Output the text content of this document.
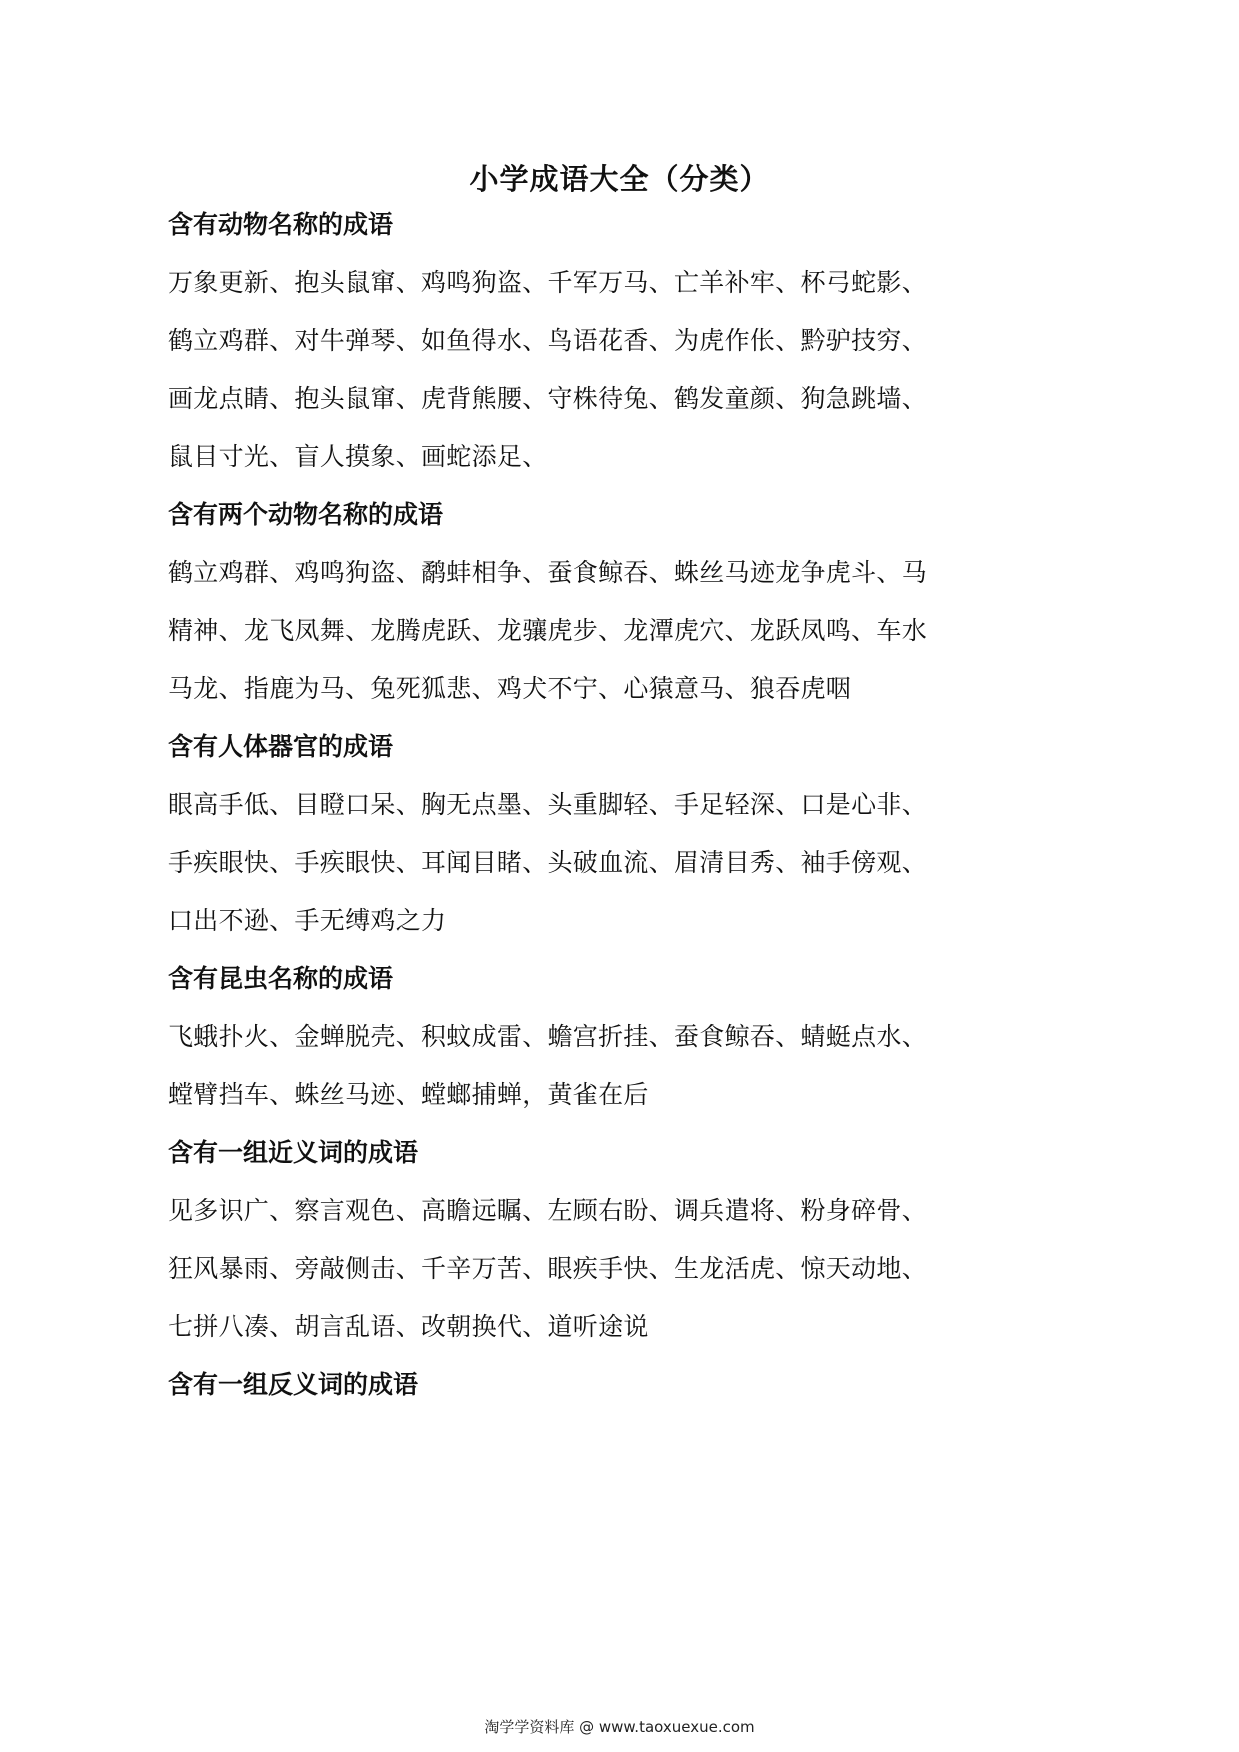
小学成语大全（分类）
含有动物名称的成语
万象更新、抱头鼠窜、鸡鸣狗盗、千军万马、亡羊补牢、杯弓蛇影、
鹤立鸡群、对牛弹琴、如鱼得水、鸟语花香、为虎作伥、黔驴技穷、
画龙点睛、抱头鼠窜、虎背熊腰、守株待兔、鹤发童颜、狗急跳墙、
鼠目寸光、盲人摸象、画蛇添足、
含有两个动物名称的成语
鹤立鸡群、鸡鸣狗盗、鹬蚌相争、蚕食鲸吞、蛛丝马迹龙争虎斗、马
精神、龙飞凤舞、龙腾虎跃、龙骧虎步、龙潭虎穴、龙跃凤鸣、车水
马龙、指鹿为马、兔死狐悲、鸡犬不宁、心猿意马、狼吞虎咽
含有人体器官的成语
眼高手低、目瞪口呆、胸无点墨、头重脚轻、手足轻深、口是心非、
手疾眼快、手疾眼快、耳闻目睹、头破血流、眉清目秀、袖手傍观、
口出不逊、手无缚鸡之力
含有昆虫名称的成语
飞蛾扑火、金蝉脱壳、积蚊成雷、蟾宫折挂、蚕食鲸吞、蜻蜓点水、
螳臂挡车、蛛丝马迹、螳螂捕蝉，黄雀在后
含有一组近义词的成语
见多识广、察言观色、高瞻远瞩、左顾右盼、调兵遣将、粉身碎骨、
狂风暴雨、旁敲侧击、千辛万苦、眼疾手快、生龙活虎、惊天动地、
七拼八凑、胡言乱语、改朝换代、道听途说
含有一组反义词的成语
淘学学资料库 @ www.taoxuexue.com
